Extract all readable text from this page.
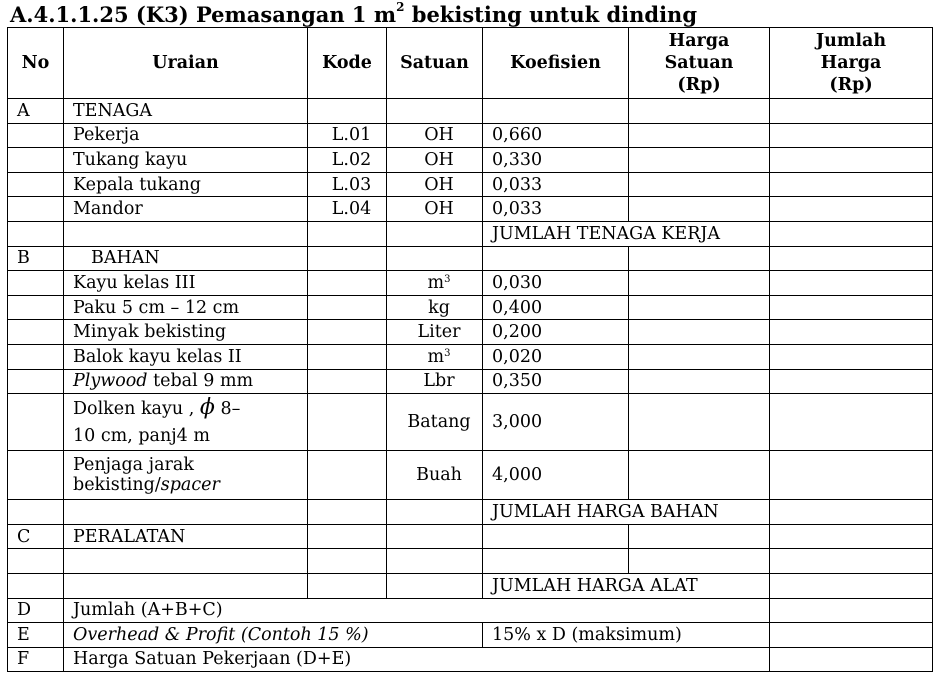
A.4.1.1.25 (K3) Pemasangan 1 $m^2$ bekisting untuk dinding
No	Uraian	Kode	Satuan	Koefisien	Harga
Satuan
(Rp)	Jumlah
Harga
(Rp)
A	TENAGA					
	Pekerja	L.01	OH	0,660		
	Tukang kayu	L.02	OH	0,330		
	Kepala tukang	L.03	OH	0,033		
	Mandor	L.04	OH	0,033		
				JUMLAH TENAGA KERJA		
B	BAHAN					
	Kayu kelas III		$m^3$	0,030		
	Paku 5 cm – 12 cm		kg	0,400		
	Minyak bekisting		Liter	0,200		
	Balok kayu kelas II		$m^3$	0,020		
	Plywood tebal 9 mm		Lbr	0,350		
	Dolken kayu , ϕ 8–
10 cm, panj4 m		Batang	3,000		
	Penjaga jarak
bekisting/spacer		Buah	4,000		
				JUMLAH HARGA BAHAN		
C	PERALATAN					

				JUMLAH HARGA ALAT		
D	Jumlah (A+B+C)					
E	Overhead & Profit (Contoh 15 %)			15% x D (maksimum)		
F	Harga Satuan Pekerjaan (D+E)					
